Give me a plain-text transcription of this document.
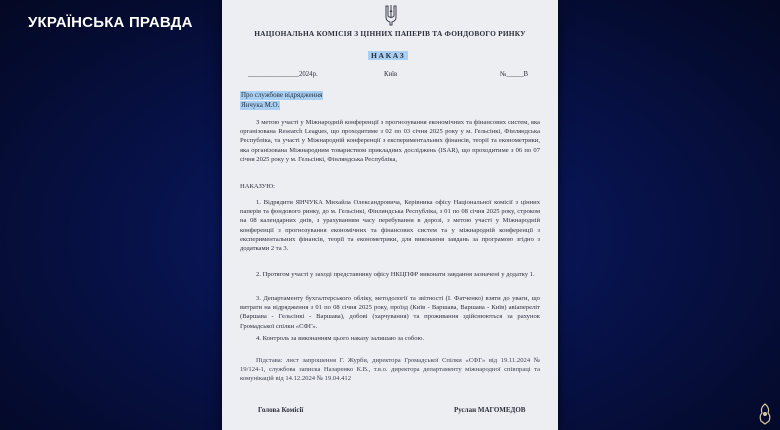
УКРАЇНСЬКА ПРАВДА
НАЦІОНАЛЬНА КОМІСІЯ З ЦІННИХ ПАПЕРІВ ТА ФОНДОВОГО РИНКУ
НАКАЗ
_______________2024р.	Київ	№_____В
Про службове відрядження
Янчука М.О.
З метою участі у Міжнародній конференції з прогнозування економічних та фінансових систем, яка організована Research Leagues, що проходитиме з 02 по 03 січня 2025 року у м. Гельсінкі, Фінляндська Республіка, та участі у Міжнародній конференції з експериментальних фінансів, теорії та економетрики, яка організована Міжнародним товариством прикладних досліджень (ISAR), що проходитиме з 06 по 07 січня 2025 року у м. Гельсінкі, Фінляндська Республіка,
НАКАЗУЮ:
1. Відрядити ЯНЧУКА Михайла Олександровича, Керівника офісу Національної комісії з цінних паперів та фондового ринку, до м. Гельсінкі, Фінляндська Республіка, з 01 по 08 січня 2025 року, строком на 08 календарних днів, з урахуванням часу перебування в дорозі, з метою участі у Міжнародній конференції з прогнозування економічних та фінансових систем та у міжнародній конференції з експериментальних фінансів, теорії та економетрики, для виконання завдань за програмою згідно з додатками 2 та 3.
2. Протягом участі у заходi представнику офiсу НКЦПФР виконати завдання зазначені у додатку 1.
3. Департаменту бухгалтерського обліку, методології та звітності (І. Фатченко) взяти до уваги, що витрати на відрядження з 01 по 08 січня 2025 року, проїзд (Київ - Варшава, Варшава - Київ) авіапереліт (Варшава - Гельсінкі - Варшава), добові (харчування) та проживання здійснюються за рахунок Громадської спілки «СФГ».
4. Контроль за виконанням цього наказу залишаю за собою.
Підстава: лист запрошення Г. Журби, директора Громадської Спілки «СФГ» від 19.11.2024 № 19/124-1, службова записка Назаренко К.В., т.в.о. директора департаменту міжнародної співпраці та комунікацій від 14.12.2024 № 19.04.412
Голова Комісії	Руслан МАГОМЕДОВ
